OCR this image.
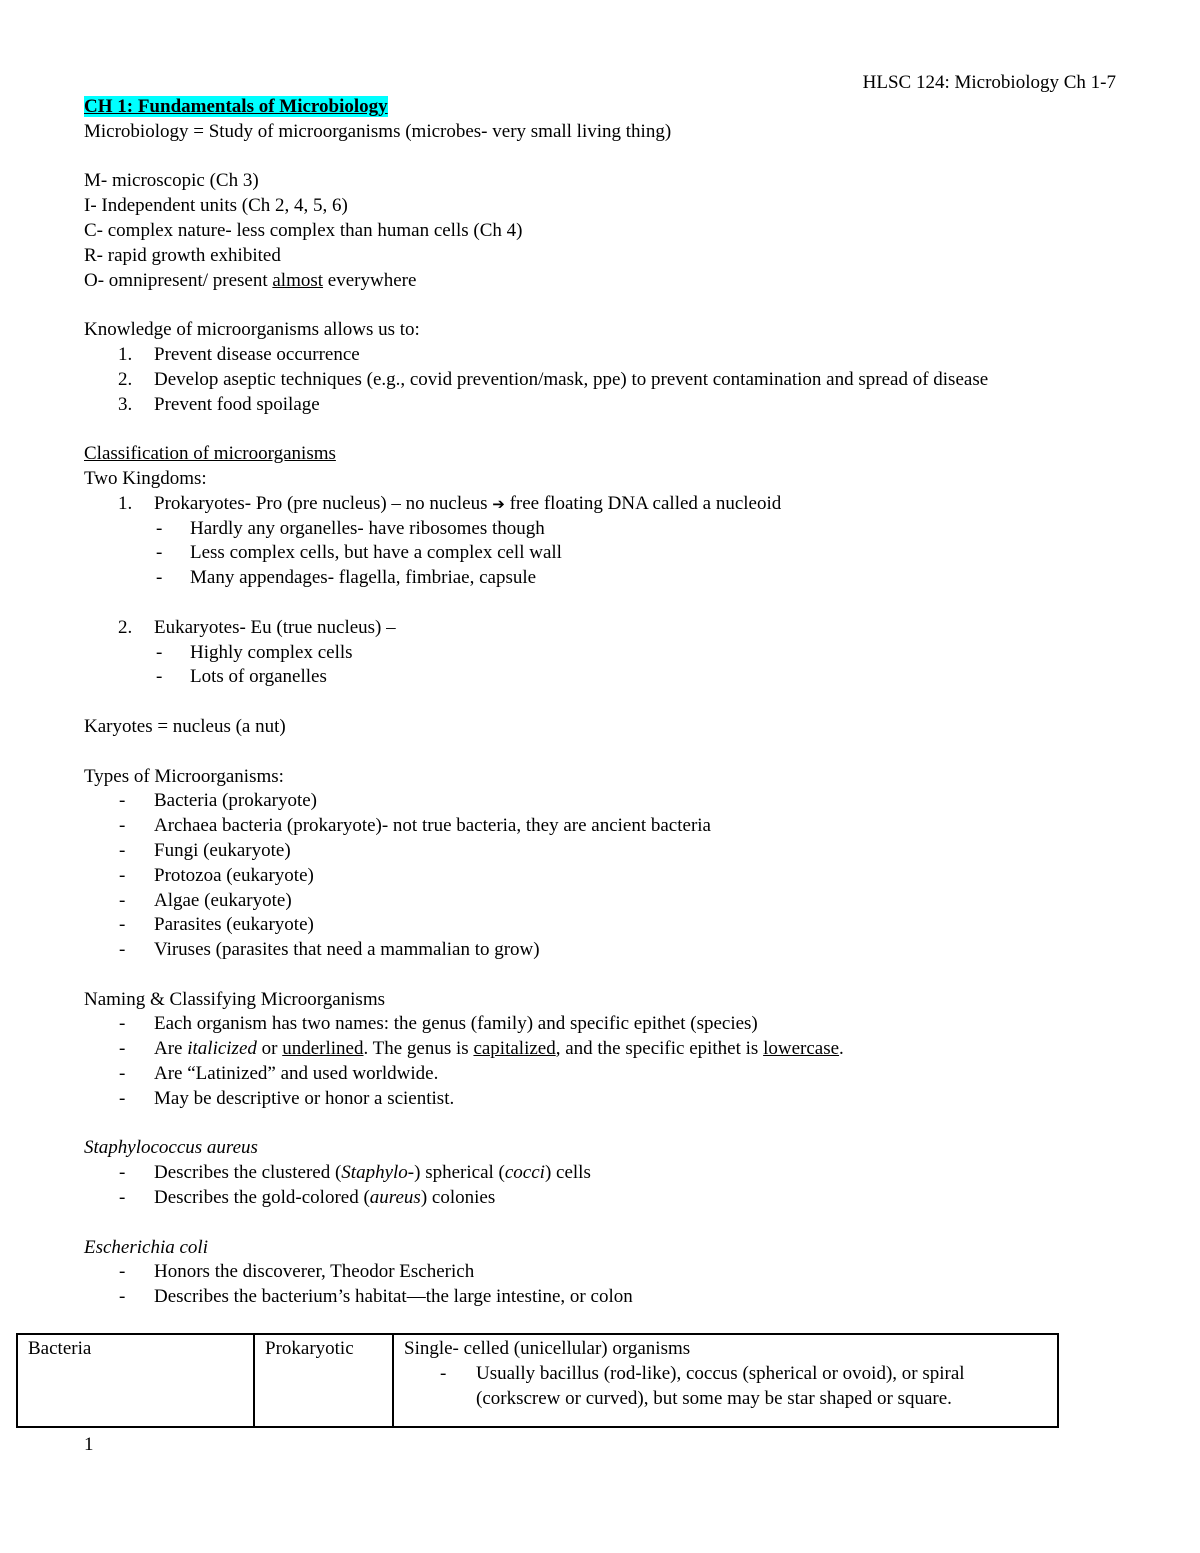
HLSC 124: Microbiology Ch 1-7
CH 1: Fundamentals of Microbiology
Microbiology = Study of microorganisms (microbes- very small living thing)
M- microscopic (Ch 3)
I- Independent units (Ch 2, 4, 5, 6)
C- complex nature- less complex than human cells (Ch 4)
R- rapid growth exhibited
O- omnipresent/ present almost everywhere
Knowledge of microorganisms allows us to:
1. Prevent disease occurrence
2. Develop aseptic techniques (e.g., covid prevention/mask, ppe) to prevent contamination and spread of disease
3. Prevent food spoilage
Classification of microorganisms
Two Kingdoms:
1. Prokaryotes- Pro (pre nucleus) – no nucleus ➔ free floating DNA called a nucleoid
- Hardly any organelles- have ribosomes though
- Less complex cells, but have a complex cell wall
- Many appendages- flagella, fimbriae, capsule
2. Eukaryotes- Eu (true nucleus) –
- Highly complex cells
- Lots of organelles
Karyotes = nucleus (a nut)
Types of Microorganisms:
- Bacteria (prokaryote)
- Archaea bacteria (prokaryote)- not true bacteria, they are ancient bacteria
- Fungi (eukaryote)
- Protozoa (eukaryote)
- Algae (eukaryote)
- Parasites (eukaryote)
- Viruses (parasites that need a mammalian to grow)
Naming & Classifying Microorganisms
- Each organism has two names: the genus (family) and specific epithet (species)
- Are italicized or underlined. The genus is capitalized, and the specific epithet is lowercase.
- Are “Latinized” and used worldwide.
- May be descriptive or honor a scientist.
Staphylococcus aureus
- Describes the clustered (Staphylo-) spherical (cocci) cells
- Describes the gold-colored (aureus) colonies
Escherichia coli
- Honors the discoverer, Theodor Escherich
- Describes the bacterium’s habitat—the large intestine, or colon
Bacteria	Prokaryotic	Single- celled (unicellular) organisms
- Usually bacillus (rod-like), coccus (spherical or ovoid), or spiral (corkscrew or curved), but some may be star shaped or square.
1
